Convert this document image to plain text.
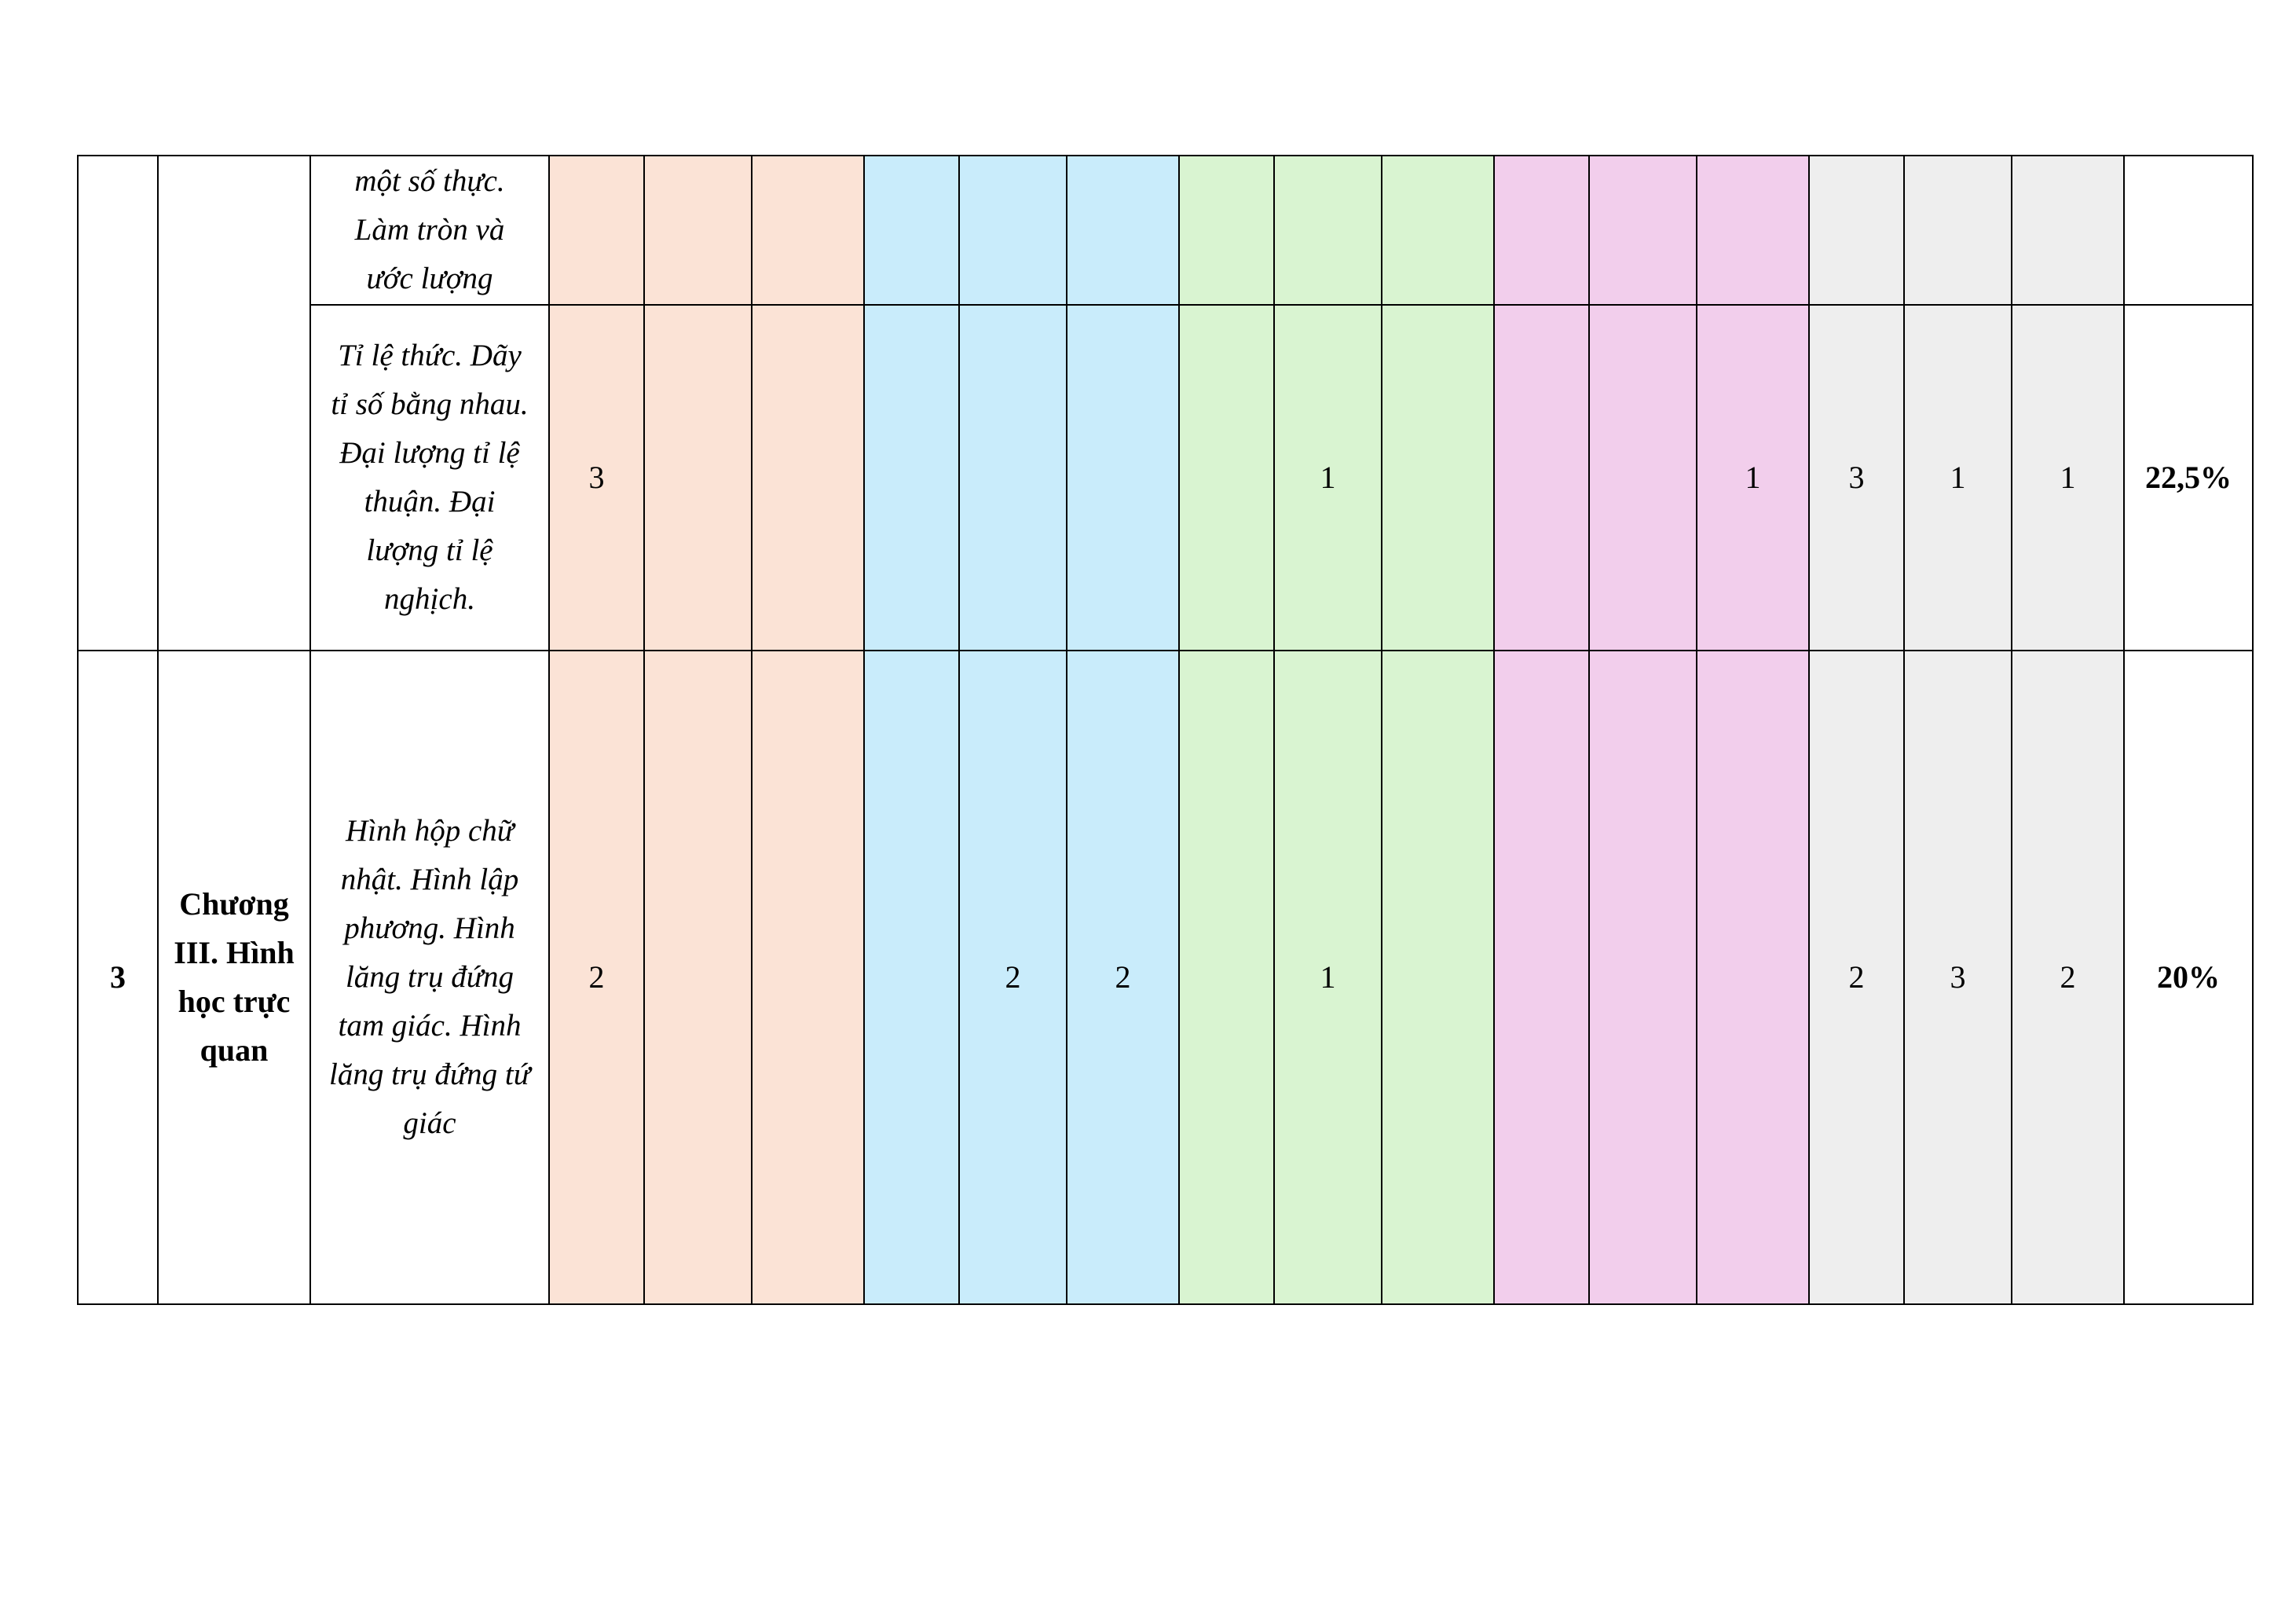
		một số thực. Làm tròn và ước lượng																
		Tỉ lệ thức. Dãy tỉ số bằng nhau. Đại lượng tỉ lệ thuận. Đại lượng tỉ lệ nghịch.	3							1				1	3	1	1	22,5%
3	Chương III. Hình học trực quan	Hình hộp chữ nhật. Hình lập phương. Hình lăng trụ đứng tam giác. Hình lăng trụ đứng tứ giác	2				2	2		1					2	3	2	20%
